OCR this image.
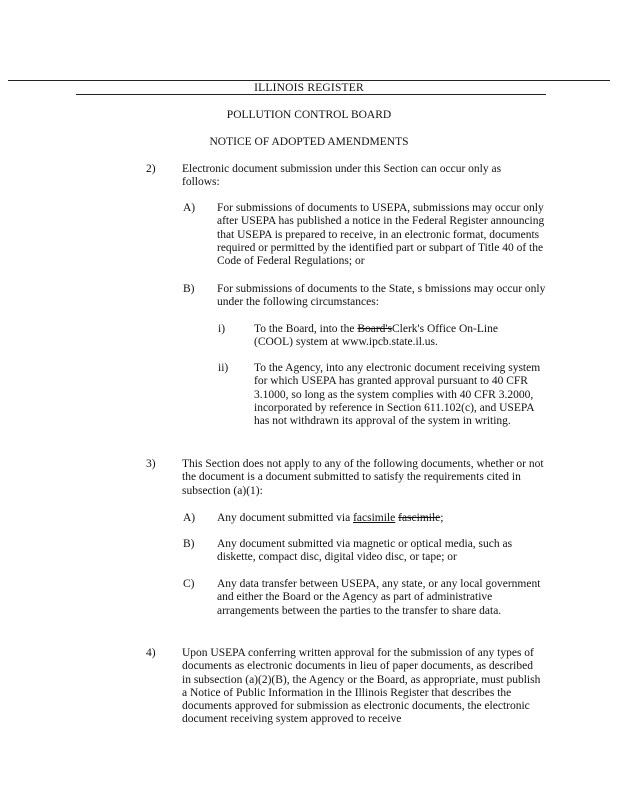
ILLINOIS REGISTER
POLLUTION CONTROL BOARD
NOTICE OF ADOPTED AMENDMENTS
2) Electronic document submission under this Section can occur only as follows:
A) For submissions of documents to USEPA, submissions may occur only after USEPA has published a notice in the Federal Register announcing that USEPA is prepared to receive, in an electronic format, documents required or permitted by the identified part or subpart of Title 40 of the Code of Federal Regulations; or
B) For submissions of documents to the State, s bmissions may occur only under the following circumstances:
i)	To the Board, into the Board'sClerk's Office On-Line (COOL) system at www.ipcb.state.il.us.
ii) To the Agency, into any electronic document receiving system for which USEPA has granted approval pursuant to 40 CFR 3.1000, so long as the system complies with 40 CFR 3.2000, incorporated by reference in Section 611.102(c), and USEPA has not withdrawn its approval of the system in writing.
3) This Section does not apply to any of the following documents, whether or not the document is a document submitted to satisfy the requirements cited in subsection (a)(1):
A) Any document submitted via facsimile fascimile;
B) Any document submitted via magnetic or optical media, such as diskette, compact disc, digital video disc, or tape; or
C) Any data transfer between USEPA, any state, or any local government and either the Board or the Agency as part of administrative arrangements between the parties to the transfer to share data.
4) Upon USEPA conferring written approval for the submission of any types of documents as electronic documents in lieu of paper documents, as described in subsection (a)(2)(B), the Agency or the Board, as appropriate, must publish a Notice of Public Information in the Illinois Register that describes the documents approved for submission as electronic documents, the electronic document receiving system approved to receive
